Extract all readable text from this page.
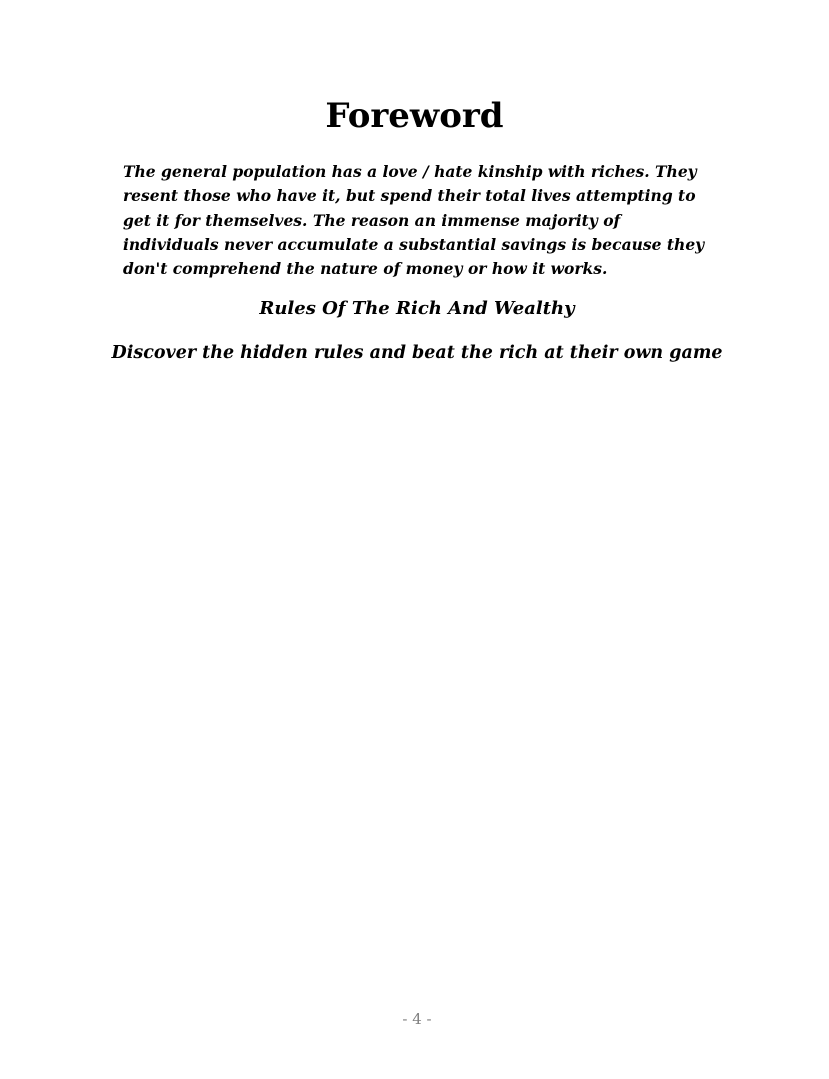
Foreword

The general population has a love / hate kinship with riches. They resent those who have it, but spend their total lives attempting to get it for themselves. The reason an immense majority of individuals never accumulate a substantial savings is because they don't comprehend the nature of money or how it works.

Rules Of The Rich And Wealthy

Discover the hidden rules and beat the rich at their own game

- 4 -
